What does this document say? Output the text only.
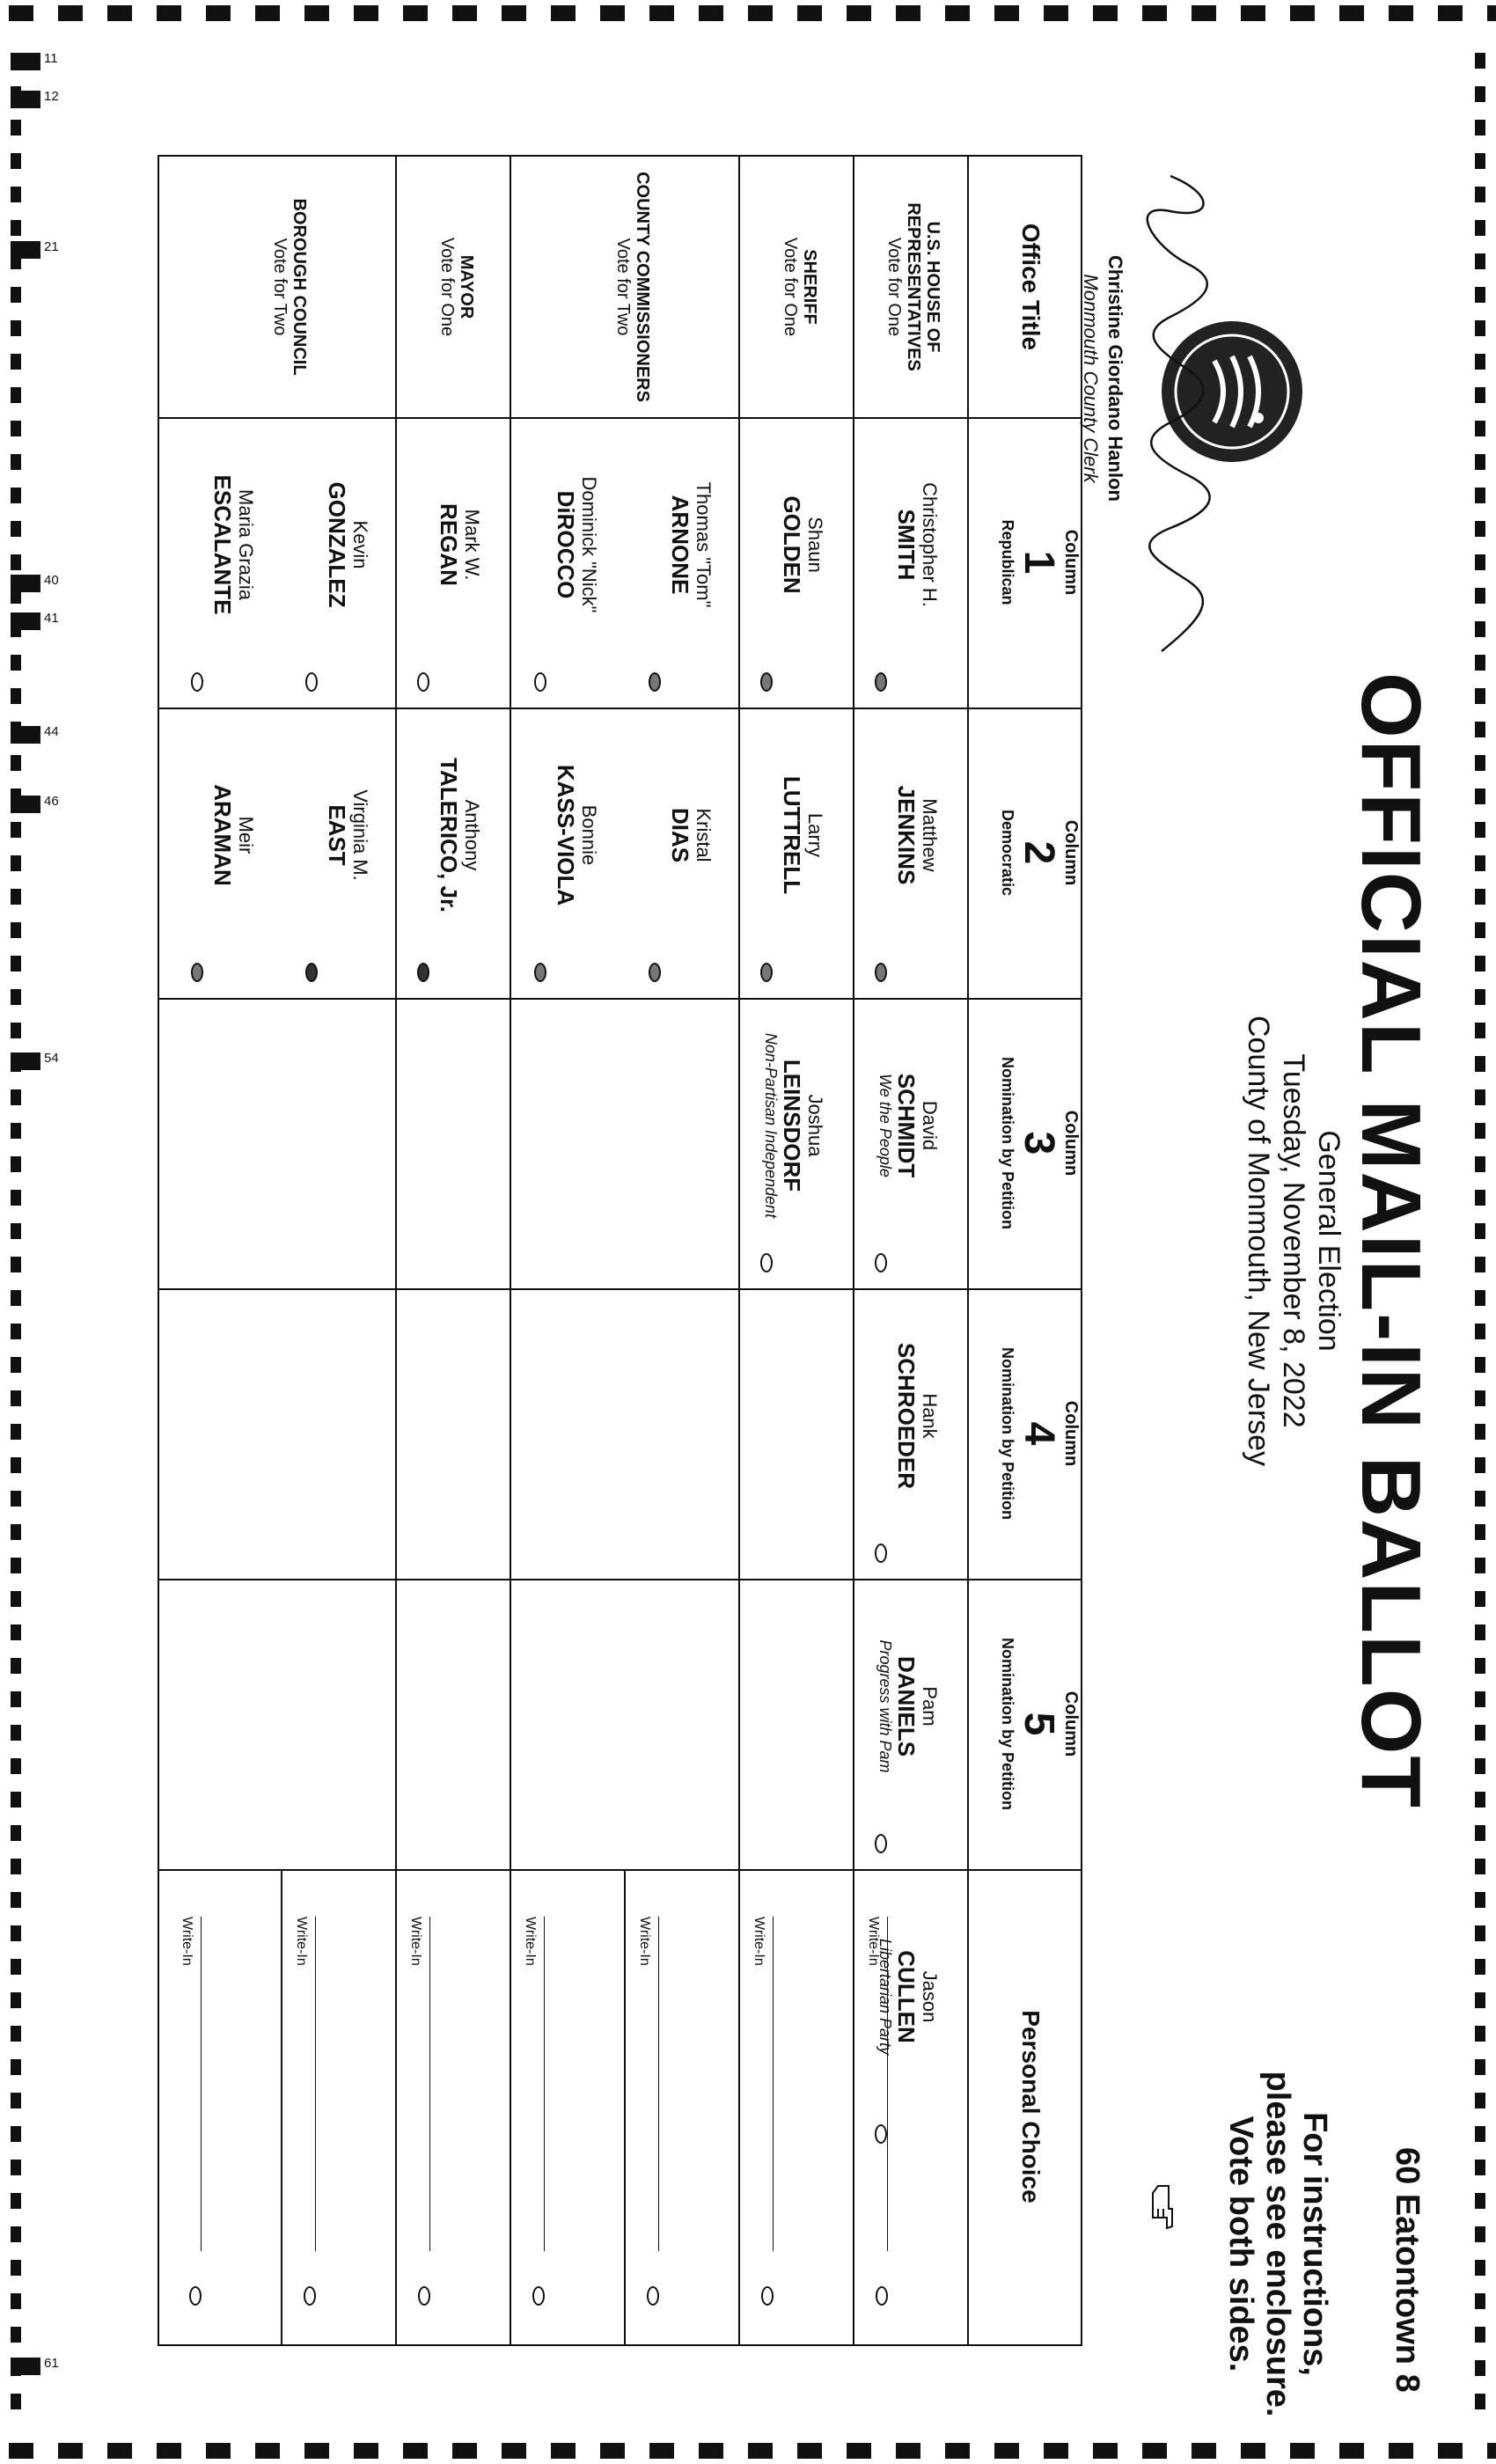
11
12
21
40
41
44
46
54
61
OFFICIAL MAIL-IN BALLOT
General Election
Tuesday, November 8, 2022
County of Monmouth, New Jersey
Christine Giordano Hanlon
Monmouth County Clerk
60 Eatontown 8
For instructions,
please see enclosure.
Vote both sides.
Office Title
Personal Choice
Column
1
Republican
Column
2
Democratic
Column
3
Nomination by Petition
Column
4
Nomination by Petition
Column
5
Nomination by Petition
U.S. HOUSE OF REPRESENTATIVES
Vote for One
SHERIFF
Vote for One
COUNTY COMMISSIONERS
Vote for Two
MAYOR
Vote for One
BOROUGH COUNCIL
Vote for Two
Christopher H.
SMITH
Matthew
JENKINS
David
SCHMIDT
We the People
Hank
SCHROEDER
Pam
DANIELS
Progress with Pam
Jason
CULLEN
Libertarian Party
Shaun
GOLDEN
Larry
LUTTRELL
Joshua
LEINSDORF
Non-Partisan Independent
Thomas "Tom"
ARNONE
Dominick "Nick"
DiROCCO
Kristal
DIAS
Bonnie
KASS-VIOLA
Mark W.
REGAN
Anthony
TALERICO, Jr.
Kevin
GONZALEZ
Maria Grazia
ESCALANTE
Virginia M.
EAST
Meir
ARAMAN
Write-In
Write-In
Write-In
Write-In
Write-In
Write-In
Write-In
